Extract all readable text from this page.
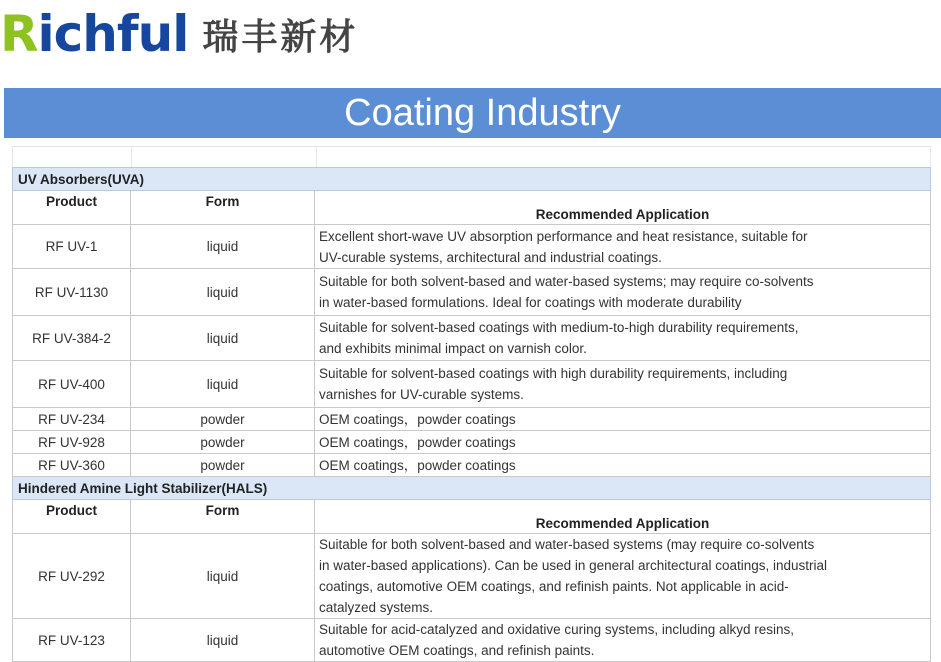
Richful 瑞丰新材
Coating Industry
UV Absorbers(UVA)		
Product	Form	Recommended Application
RF UV-1	liquid	Excellent short-wave UV absorption performance and heat resistance, suitable for
UV-curable systems, architectural and industrial coatings.

RF UV-1130	liquid	Suitable for both solvent-based and water-based systems; may require co-solvents
in water-based formulations. Ideal for coatings with moderate durability

RF UV-384-2	liquid	Suitable for solvent-based coatings with medium-to-high durability requirements,
and exhibits minimal impact on varnish color.

RF UV-400	liquid	Suitable for solvent-based coatings with high durability requirements, including
varnishes for UV-curable systems.

RF UV-234	powder	OEM coatings，powder coatings

RF UV-928	powder	OEM coatings，powder coatings

RF UV-360	powder	OEM coatings，powder coatings

Hindered Amine Light Stabilizer(HALS)		
Product	Form	Recommended Application
RF UV-292	liquid	Suitable for both solvent-based and water-based systems (may require co-solvents
in water-based applications). Can be used in general architectural coatings, industrial
coatings, automotive OEM coatings, and refinish paints. Not applicable in acid-
catalyzed systems.

RF UV-123	liquid	Suitable for acid-catalyzed and oxidative curing systems, including alkyd resins,
automotive OEM coatings, and refinish paints.
